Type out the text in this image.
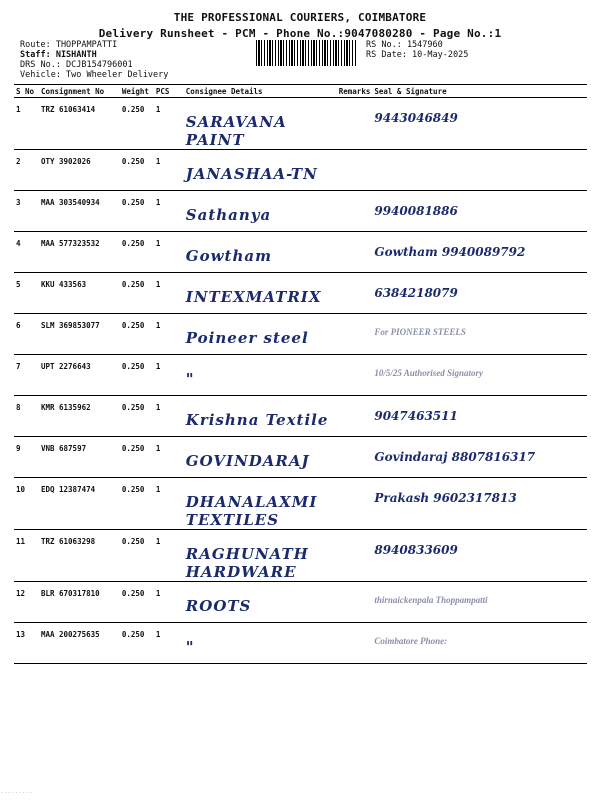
THE PROFESSIONAL COURIERS, COIMBATORE
Delivery Runsheet - PCM - Phone No.:9047080280 - Page No.:1
Route: THOPPAMPATTI
Staff: NISHANTH
DRS No.: DCJB154796001
Vehicle: Two Wheeler Delivery
RS No.: 1547960
RS Date: 10-May-2025
S No	Consignment No	Weight	PCS	Consignee Details	Remarks	Seal & Signature
1	TRZ 61063414	0.250	1	SARAVANA PAINT		9443046849

2	OTY 3902026	0.250	1	JANASHAA-TN		

3	MAA 303540934	0.250	1	Sathanya		9940081886

4	MAA 577323532	0.250	1	Gowtham		Gowtham 9940089792

5	KKU 433563	0.250	1	INTEXMATRIX		6384218079

6	SLM 369853077	0.250	1	Poineer steel		For PIONEER STEELS

7	UPT 2276643	0.250	1	"		10/5/25 Authorised Signatory

8	KMR 6135962	0.250	1	Krishna Textile		9047463511

9	VNB 687597	0.250	1	GOVINDARAJ		Govindaraj 8807816317

10	EDQ 12387474	0.250	1	DHANALAXMI TEXTILES		Prakash 9602317813

11	TRZ 61063298	0.250	1	RAGHUNATH HARDWARE		8940833609

12	BLR 670317810	0.250	1	ROOTS		thirnaickenpala Thoppampatti

13	MAA 200275635	0.250	1	"		Coimbatore Phone:
.........
